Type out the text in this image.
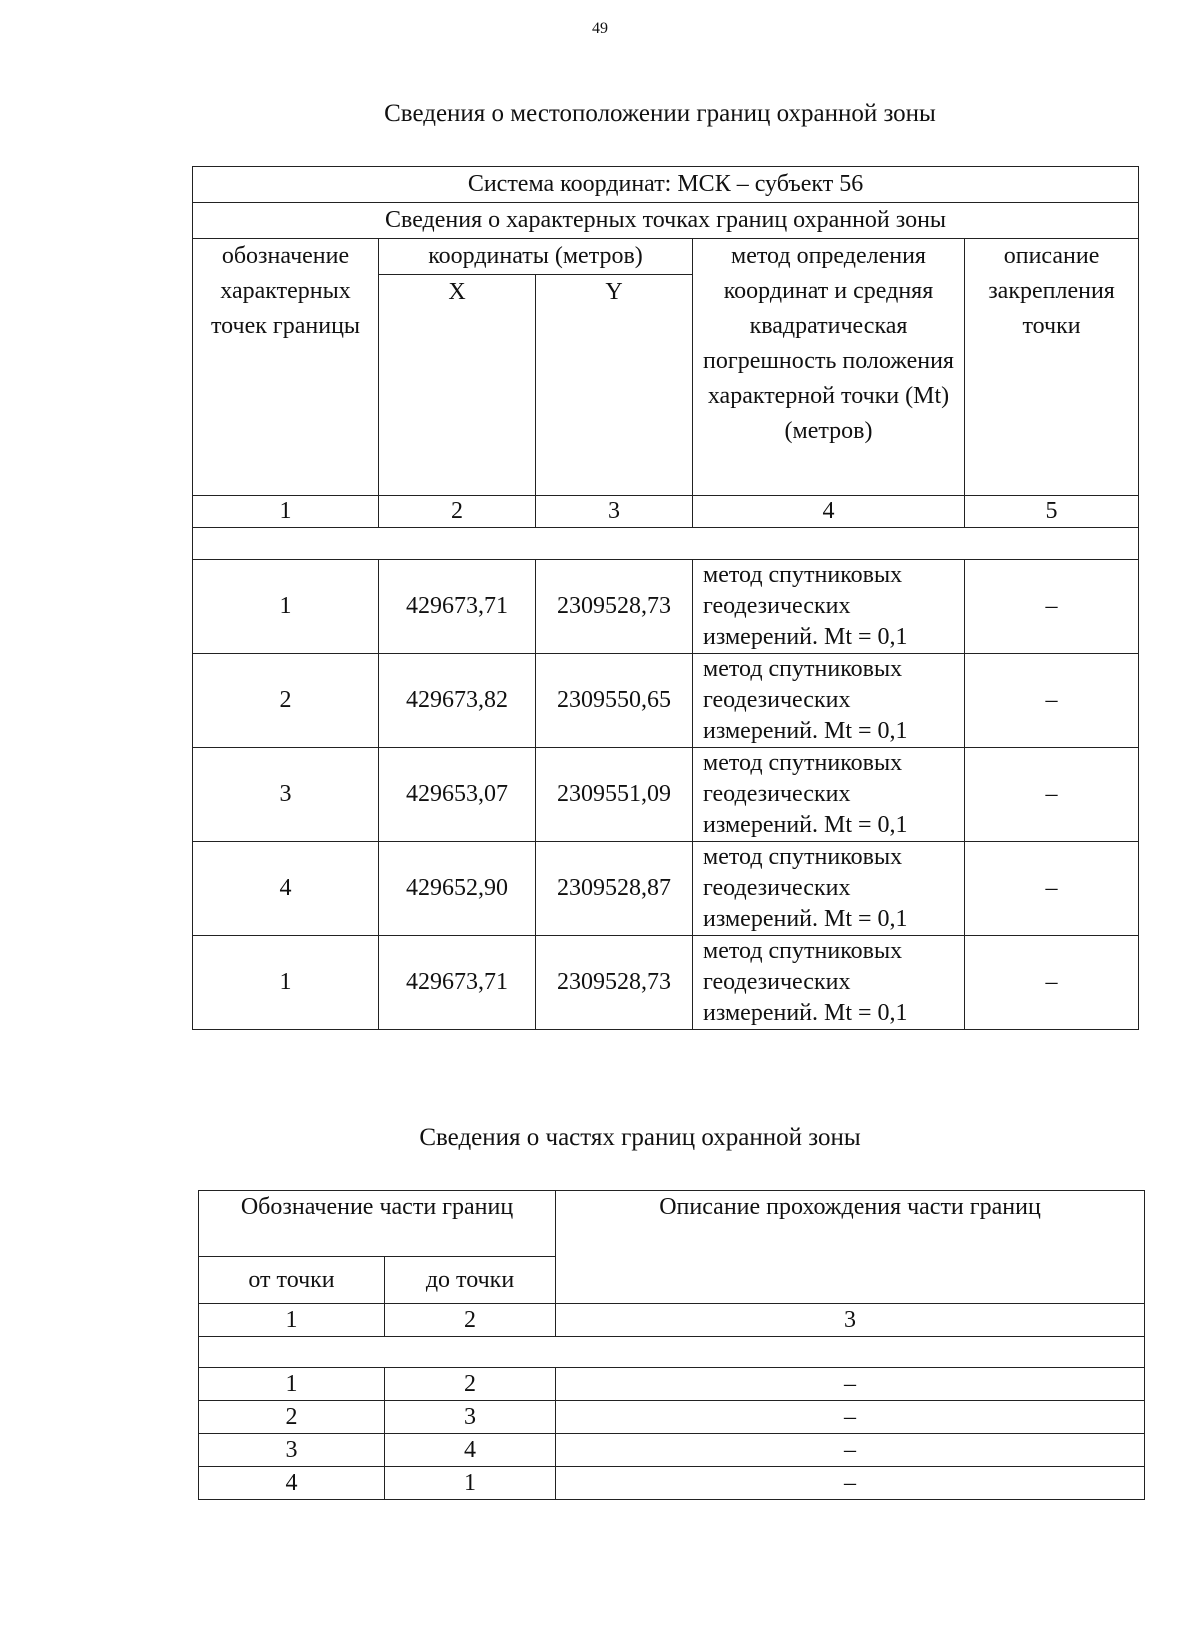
49
Сведения о местоположении границ охранной зоны
Система координат: МСК – субъект 56				
Сведения о характерных точках границ охранной зоны				
обозначение характерных точек границы	координаты (метров)		метод определения координат и средняя квадратическая погрешность положения характерной точки (Mt) (метров)	описание закрепления точки
	X	Y		
1	2	3	4	5

1	429673,71	2309528,73	метод спутниковых геодезических измерений. Mt = 0,1	–
2	429673,82	2309550,65	метод спутниковых геодезических измерений. Mt = 0,1	–
3	429653,07	2309551,09	метод спутниковых геодезических измерений. Mt = 0,1	–
4	429652,90	2309528,87	метод спутниковых геодезических измерений. Mt = 0,1	–
1	429673,71	2309528,73	метод спутниковых геодезических измерений. Mt = 0,1	–
Сведения о частях границ охранной зоны
Обозначение части границ		Описание прохождения части границ
от точки	до точки	
1	2	3

1	2	–
2	3	–
3	4	–
4	1	–
